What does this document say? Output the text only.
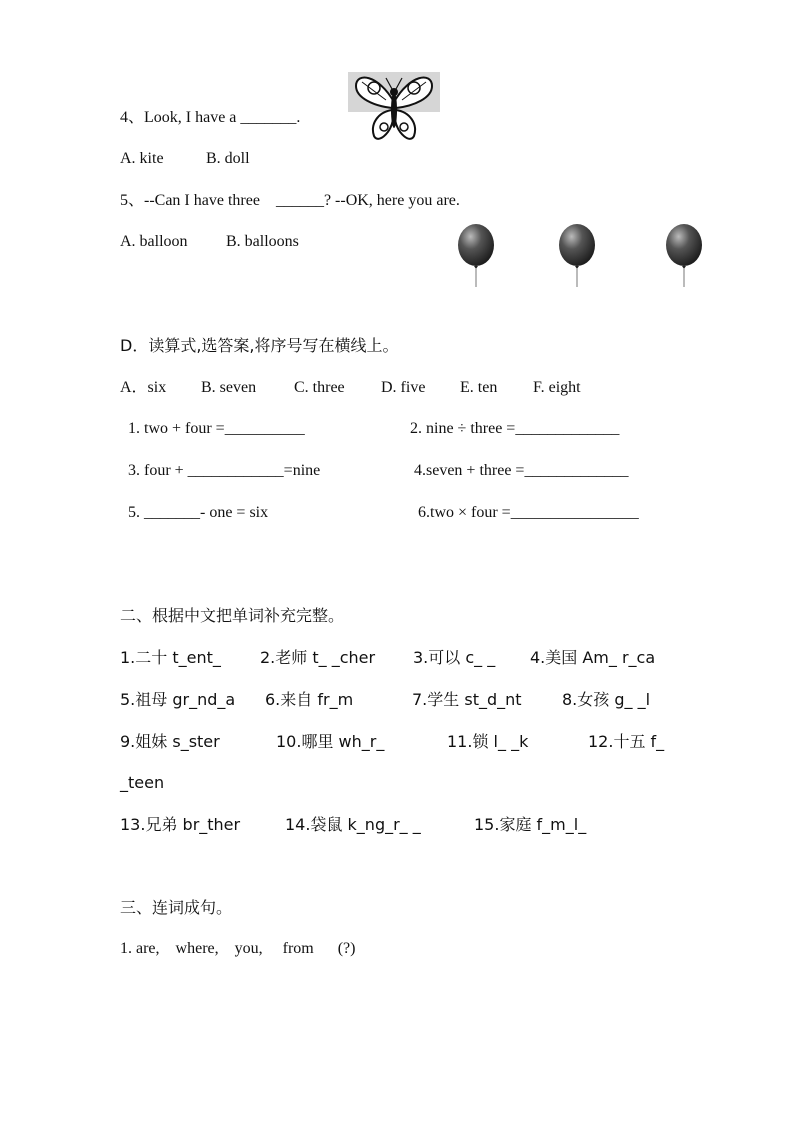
4、Look, I have a _______.
A. kite	B. doll
5、--Can I have three    ______? --OK, here you are.
A. balloon B. balloons
D．读算式,选答案,将序号写在横线上。
A．six B. seven C. three D. five E. ten F. eight
1. two + four =__________	2. nine ÷ three =_____________
3. four + ____________=nine	4.seven + three =_____________
5. _______- one = six	6.two × four =________________
二、根据中文把单词补充完整。
1.二十 t_ent_ 2.老师 t_ _cher 3.可以 c_ _ 4.美国 Am_ r_ca
5.祖母 gr_nd_a 6.来自 fr_m	7.学生 st_d_nt	8.女孩 g_ _l
9.姐妹 s_ster	10.哪里 wh_r_	11.锁 l_ _k	12.十五 f_
_teen
13.兄弟 br_ther	14.袋鼠 k_ng_r_ _	15.家庭 f_m_l_
三、连词成句。
1. are,    where,    you,     from      (?)
